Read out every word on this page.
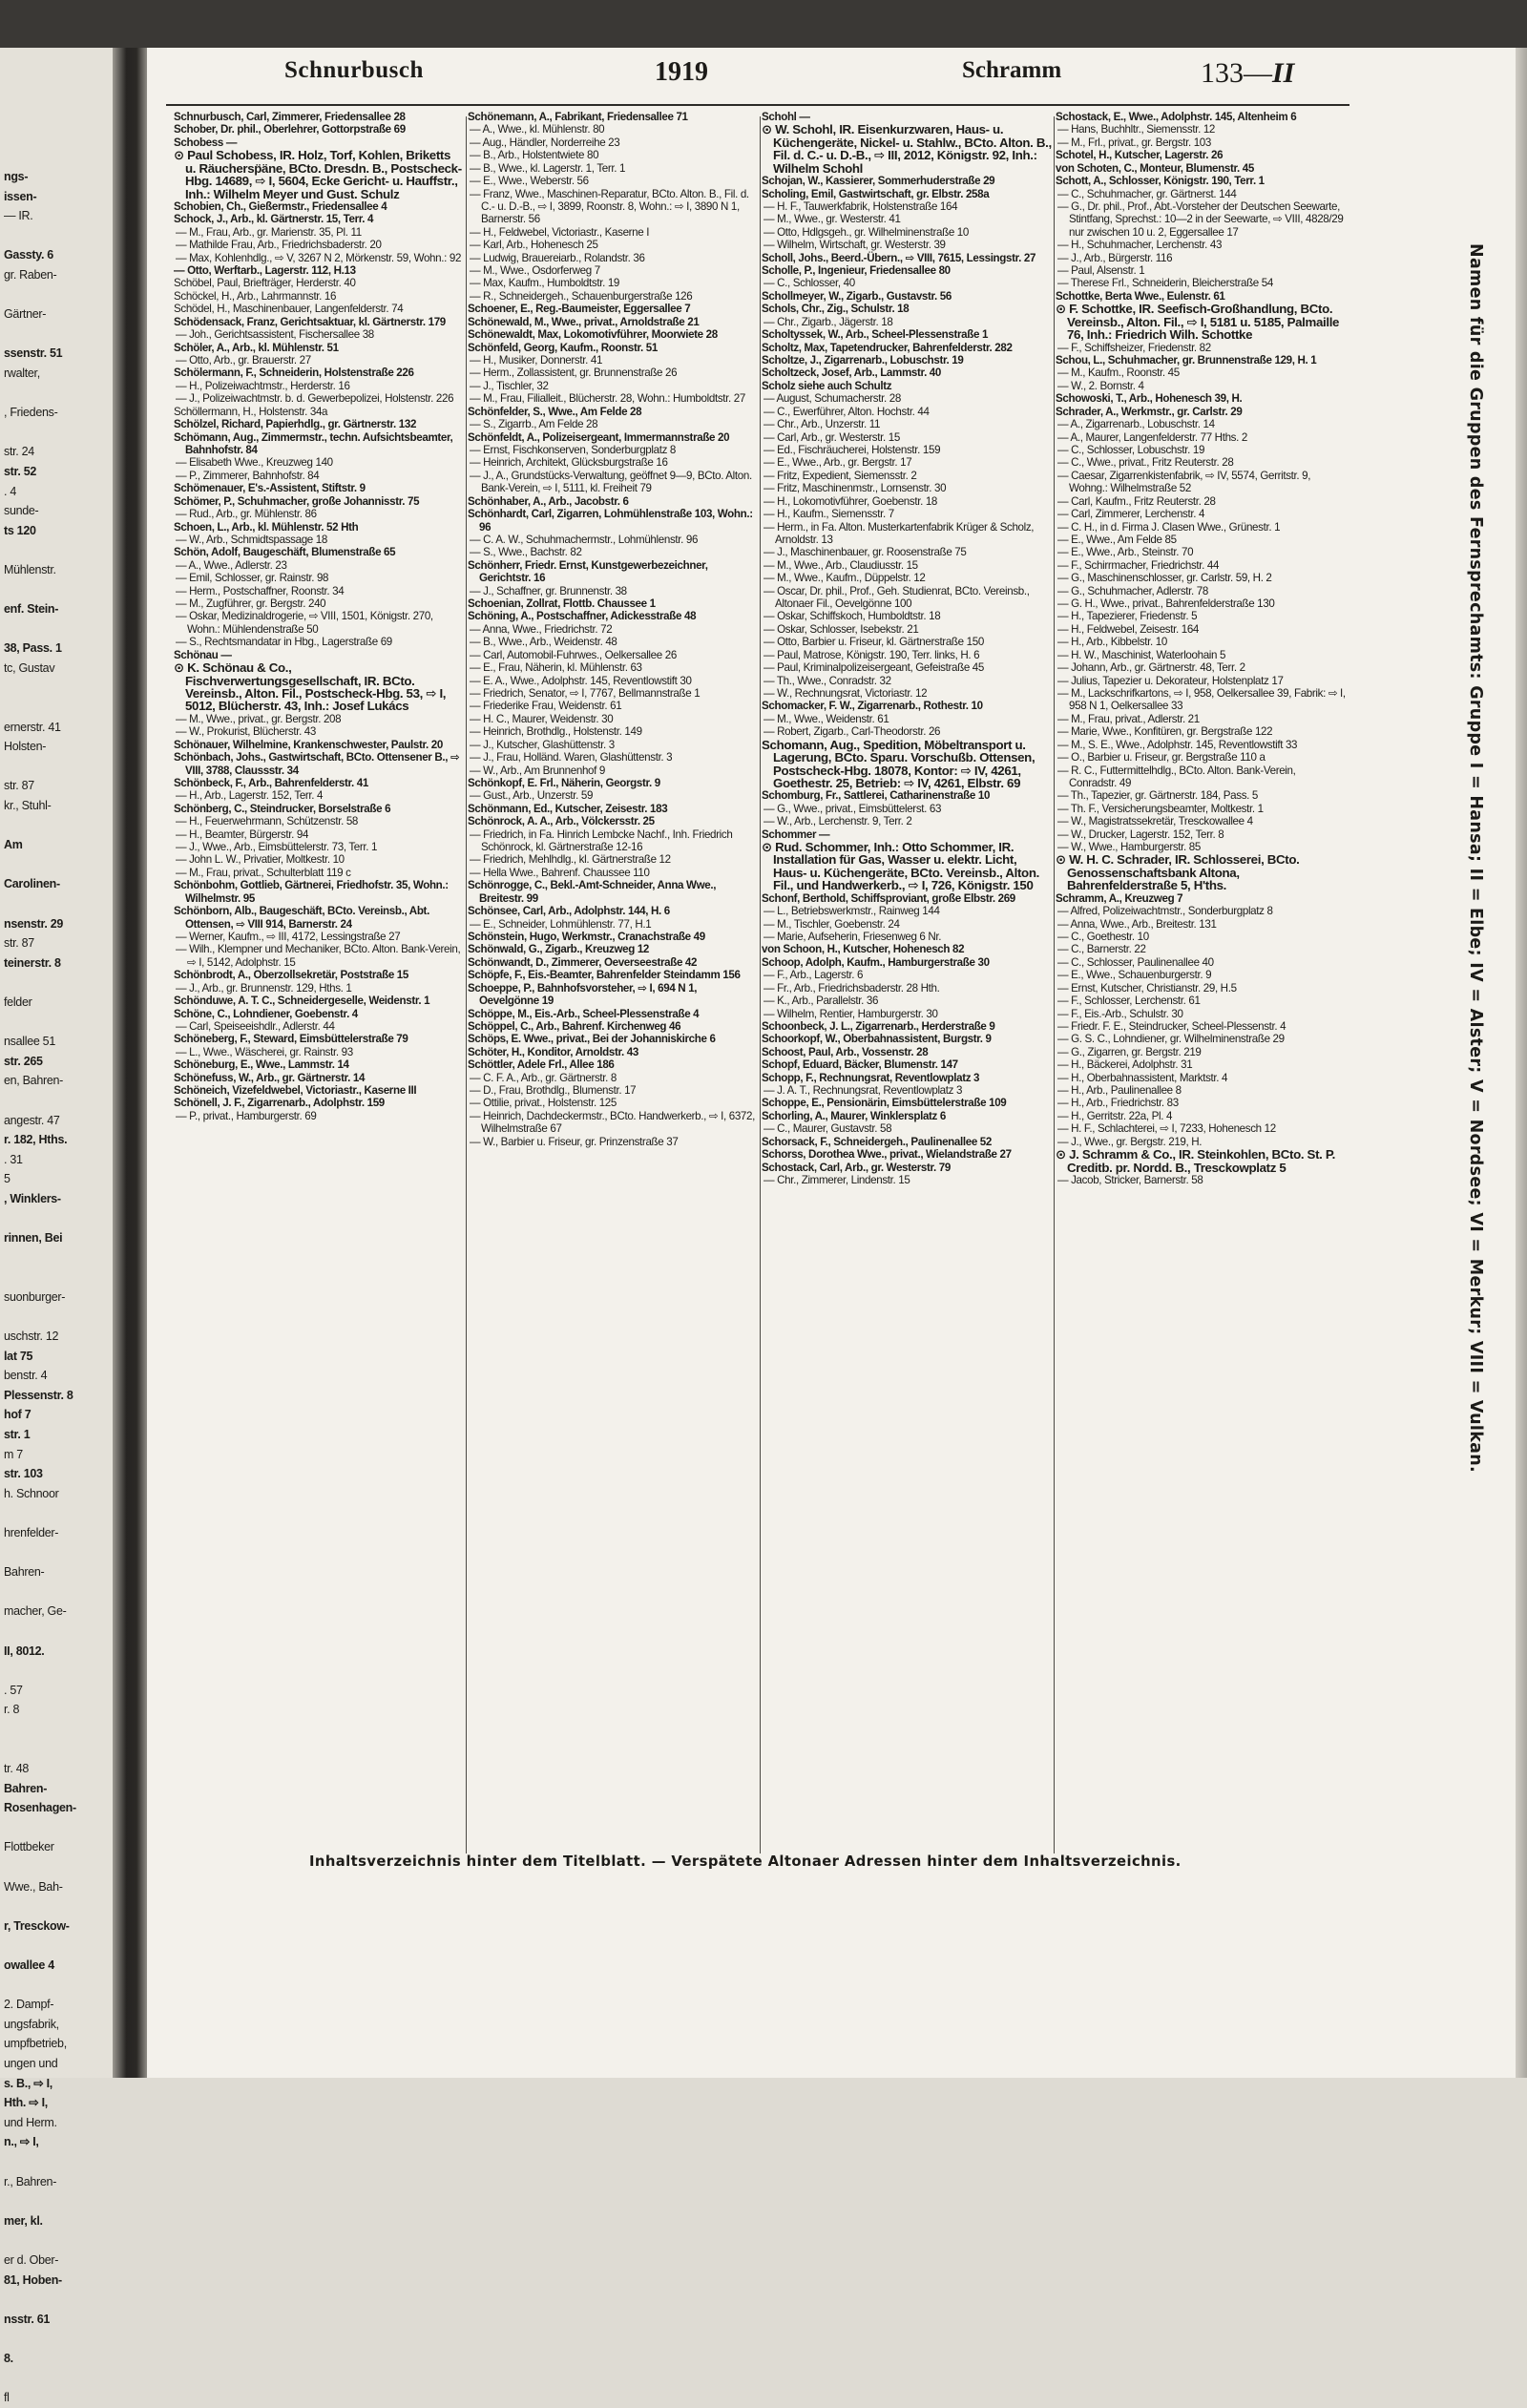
ngs-
issen-
— IR.
Gassty. 6
gr. Raben-
Gärtner-
ssenstr. 51
rwalter,
, Friedens-
str. 24
str. 52
. 4
sunde-
ts 120
Mühlenstr.
enf. Stein-
38, Pass. 1
tc, Gustav
ernerstr. 41
Holsten-
str. 87
kr., Stuhl-
Am
Carolinen-
nsenstr. 29
str. 87
teinerstr. 8
felder
nsallee 51
str. 265
en, Bahren-
angestr. 47
r. 182, Hths.
. 31
5
, Winklers-
rinnen, Bei
suonburger-
uschstr. 12
lat 75
benstr. 4
Plessenstr. 8
hof 7
str. 1
m 7
str. 103
h. Schnoor
hrenfelder-
Bahren-
macher, Ge-
II, 8012.
. 57
r. 8
tr. 48
Bahren-
Rosenhagen-
Flottbeker
Wwe., Bah-
r, Tresckow-
owallee 4
2. Dampf-
ungsfabrik,
umpfbetrieb,
ungen und
s. B., ⇨ I,
Hth. ⇨ I,
und Herm.
n., ⇨ I,
r., Bahren-
mer, kl.
er d. Ober-
81, Hoben-
nsstr. 61
8.
fl
Schnurbusch	1919	Schramm	133—II

Schnurbusch, Carl, Zimmerer, Friedensallee 28

Schober, Dr. phil., Oberlehrer, Gottorpstraße 69

Schobess —

⊙ Paul Schobess, IR. Holz, Torf, Kohlen, Briketts u. Räuchersp̈äne, BCto. Dresdn. B., Postscheck-Hbg. 14689, ⇨ I, 5604, Ecke Gericht- u. Hauffstr., Inh.: Wilhelm Meyer und Gust. Schulz

Schobien, Ch., Gießermstr., Friedensallee 4

Schock, J., Arb., kl. Gärtnerstr. 15, Terr. 4

— M., Frau, Arb., gr. Marienstr. 35, Pl. 11

— Mathilde Frau, Arb., Friedrichsbaderstr. 20

— Max, Kohlenhdlg., ⇨ V, 3267 N 2, Mörkenstr. 59, Wohn.: 92

— Otto, Werftarb., Lagerstr. 112, H.13

Schöbel, Paul, Briefträger, Herderstr. 40

Schöckel, H., Arb., Lahrmannstr. 16

Schödel, H., Maschinenbauer, Langenfelderstr. 74

Schödensack, Franz, Gerichtsaktuar, kl. Gärtnerstr. 179

— Joh., Gerichtsassistent, Fischersallee 38

Schöler, A., Arb., kl. Mühlenstr. 51

— Otto, Arb., gr. Brauerstr. 27

Schölermann, F., Schneiderin, Holstenstraße 226

— H., Polizeiwachtmstr., Herderstr. 16

— J., Polizeiwachtmstr. b. d. Gewerbepolizei, Holstenstr. 226

Schöllermann, H., Holstenstr. 34a

Schölzel, Richard, Papierhdlg., gr. Gärtnerstr. 132

Schömann, Aug., Zimmermstr., techn. Aufsichtsbeamter, Bahnhofstr. 84

— Elisabeth Wwe., Kreuzweg 140

— P., Zimmerer, Bahnhofstr. 84

Schömenauer, E's.-Assistent, Stiftstr. 9

Schömer, P., Schuhmacher, große Johannisstr. 75

— Rud., Arb., gr. Mühlenstr. 86

Schoen, L., Arb., kl. Mühlenstr. 52 Hth

— W., Arb., Schmidtspassage 18

Schön, Adolf, Baugeschäft, Blumenstraße 65

— A., Wwe., Adlerstr. 23

— Emil, Schlosser, gr. Rainstr. 98

— Herm., Postschaffner, Roonstr. 34

— M., Zugführer, gr. Bergstr. 240

— Oskar, Medizinaldrogerie, ⇨ VIII, 1501, Königstr. 270, Wohn.: Mühlendenstraße 50

— S., Rechtsmandatar in Hbg., Lagerstraße 69

Schönau —

⊙ K. Schönau & Co., Fischverwertungsgesellschaft, IR. BCto. Vereinsb., Alton. Fil., Postscheck-Hbg. 53, ⇨ I, 5012, Blücherstr. 43, Inh.: Josef Lukács

— M., Wwe., privat., gr. Bergstr. 208

— W., Prokurist, Blücherstr. 43

Schönauer, Wilhelmine, Krankenschwester, Paulstr. 20

Schönbach, Johs., Gastwirtschaft, BCto. Ottensener B., ⇨ VIII, 3788, Claussstr. 34

Schönbeck, F., Arb., Bahrenfelderstr. 41

— H., Arb., Lagerstr. 152, Terr. 4

Schönberg, C., Steindrucker, Borselstraße 6

— H., Feuerwehrmann, Schützenstr. 58

— H., Beamter, Bürgerstr. 94

— J., Wwe., Arb., Eimsbüttelerstr. 73, Terr. 1

— John L. W., Privatier, Moltkestr. 10

— M., Frau, privat., Schulterblatt 119 c

Schönbohm, Gottlieb, Gärtnerei, Friedhofstr. 35, Wohn.: Wilhelmstr. 95

Schönborn, Alb., Baugeschäft, BCto. Vereinsb., Abt. Ottensen, ⇨ VIII 914, Barnerstr. 24

— Werner, Kaufm., ⇨ III, 4172, Lessingstraße 27

— Wilh., Klempner und Mechaniker, BCto. Alton. Bank-Verein, ⇨ I, 5142, Adolphstr. 15

Schönbrodt, A., Oberzollsekretär, Poststraße 15

— J., Arb., gr. Brunnenstr. 129, Hths. 1

Schönduwe, A. T. C., Schneidergeselle, Weidenstr. 1

Schöne, C., Lohndiener, Goebenstr. 4

— Carl, Speiseeishdlr., Adlerstr. 44

Schöneberg, F., Steward, Eimsbüttelerstraße 79

— L., Wwe., Wäscherei, gr. Rainstr. 93

Schöneburg, E., Wwe., Lammstr. 14

Schönefuss, W., Arb., gr. Gärtnerstr. 14

Schöneich, Vizefeldwebel, Victoriastr., Kaserne III

Schönell, J. F., Zigarrenarb., Adolphstr. 159

— P., privat., Hamburgerstr. 69

Schönemann, A., Fabrikant, Friedensallee 71

— A., Wwe., kl. Mühlenstr. 80

— Aug., Händler, Norderreihe 23

— B., Arb., Holstentwiete 80

— B., Wwe., kl. Lagerstr. 1, Terr. 1

— E., Wwe., Weberstr. 56

— Franz, Wwe., Maschinen-Reparatur, BCto. Alton. B., Fil. d. C.- u. D.-B., ⇨ I, 3899, Roonstr. 8, Wohn.: ⇨ I, 3890 N 1, Barnerstr. 56

— H., Feldwebel, Victoriastr., Kaserne I

— Karl, Arb., Hohenesch 25

— Ludwig, Brauereiarb., Rolandstr. 36

— M., Wwe., Osdorferweg 7

— Max, Kaufm., Humboldtstr. 19

— R., Schneidergeh., Schauenburgerstraße 126

Schoener, E., Reg.-Baumeister, Eggersallee 7

Schönewald, M., Wwe., privat., Arnoldstraße 21

Schönewaldt, Max, Lokomotivführer, Moorwiete 28

Schönfeld, Georg, Kaufm., Roonstr. 51

— H., Musiker, Donnerstr. 41

— Herm., Zollassistent, gr. Brunnenstraße 26

— J., Tischler, 32

— M., Frau, Filialleit., Blücherstr. 28, Wohn.: Humboldtstr. 27

Schönfelder, S., Wwe., Am Felde 28

— S., Zigarrb., Am Felde 28

Schönfeldt, A., Polizeisergeant, Immermannstraße 20

— Ernst, Fischkonserven, Sonderburgplatz 8

— Heinrich, Architekt, Glücksburgstraße 16

— J., A., Grundstücks-Verwaltung, geöffnet 9—9, BCto. Alton. Bank-Verein, ⇨ I, 5111, kl. Freiheit 79

Schönhaber, A., Arb., Jacobstr. 6

Schönhardt, Carl, Zigarren, Lohmühlenstraße 103, Wohn.: 96

— C. A. W., Schuhmachermstr., Lohmühlenstr. 96

— S., Wwe., Bachstr. 82

Schönherr, Friedr. Ernst, Kunstgewerbezeichner, Gerichtstr. 16

— J., Schaffner, gr. Brunnenstr. 38

Schoenian, Zollrat, Flottb. Chaussee 1

Schöning, A., Postschaffner, Adickesstraße 48

— Anna, Wwe., Friedrichstr. 72

— B., Wwe., Arb., Weidenstr. 48

— Carl, Automobil-Fuhrwes., Oelkersallee 26

— E., Frau, Näherin, kl. Mühlenstr. 63

— E. A., Wwe., Adolphstr. 145, Reventlowstift 30

— Friedrich, Senator, ⇨ I, 7767, Bellmannstraße 1

— Friederike Frau, Weidenstr. 61

— H. C., Maurer, Weidenstr. 30

— Heinrich, Brothdlg., Holstenstr. 149

— J., Kutscher, Glashüttenstr. 3

— J., Frau, Holländ. Waren, Glashüttenstr. 3

— W., Arb., Am Brunnenhof 9

Schönkopf, E. Frl., Näherin, Georgstr. 9

— Gust., Arb., Unzerstr. 59

Schönmann, Ed., Kutscher, Zeisestr. 183

Schönrock, A. A., Arb., Völckersstr. 25

— Friedrich, in Fa. Hinrich Lembcke Nachf., Inh. Friedrich Schönrock, kl. Gärtnerstraße 12-16

— Friedrich, Mehlhdlg., kl. Gärtnerstraße 12

— Hella Wwe., Bahrenf. Chaussee 110

Schönrogge, C., Bekl.-Amt-Schneider, Anna Wwe., Breitestr. 99

Schönsee, Carl, Arb., Adolphstr. 144, H. 6

— E., Schneider, Lohmühlenstr. 77, H.1

Schönstein, Hugo, Werkmstr., Cranachstraße 49

Schönwald, G., Zigarb., Kreuzweg 12

Schönwandt, D., Zimmerer, Oeverseestraße 42

Schöpfe, F., Eis.-Beamter, Bahrenfelder Steindamm 156

Schoeppe, P., Bahnhofsvorsteher, ⇨ I, 694 N 1, Oevelgönne 19

Schöppe, M., Eis.-Arb., Scheel-Plessenstraße 4

Schöppel, C., Arb., Bahrenf. Kirchenweg 46

Schöps, E. Wwe., privat., Bei der Johanniskirche 6

Schöter, H., Konditor, Arnoldstr. 43

Schöttler, Adele Frl., Allee 186

— C. F. A., Arb., gr. Gärtnerstr. 8

— D., Frau, Brothdlg., Blumenstr. 17

— Ottilie, privat., Holstenstr. 125

— Heinrich, Dachdeckermstr., BCto. Handwerkerb., ⇨ I, 6372, Wilhelmstraße 67

— W., Barbier u. Friseur, gr. Prinzenstraße 37

Schohl —

⊙ W. Schohl, IR. Eisenkurzwaren, Haus- u. Küchengeräte, Nickel- u. Stahlw., BCto. Alton. B., Fil. d. C.- u. D.-B., ⇨ III, 2012, Königstr. 92, Inh.: Wilhelm Schohl

Schojan, W., Kassierer, Sommerhuderstraße 29

Scholing, Emil, Gastwirtschaft, gr. Elbstr. 258a

— H. F., Tauwerkfabrik, Holstenstraße 164

— M., Wwe., gr. Westerstr. 41

— Otto, Hdlgsgeh., gr. Wilhelminenstraße 10

— Wilhelm, Wirtschaft, gr. Westerstr. 39

Scholl, Johs., Beerd.-Übern., ⇨ VIII, 7615, Lessingstr. 27

Scholle, P., Ingenieur, Friedensallee 80

— C., Schlosser, 40

Schollmeyer, W., Zigarb., Gustavstr. 56

Schols, Chr., Zig., Schulstr. 18

— Chr., Zigarb., Jägerstr. 18

Scholtyssek, W., Arb., Scheel-Plessenstraße 1

Scholtz, Max, Tapetendrucker, Bahrenfelderstr. 282

Scholtze, J., Zigarrenarb., Lobuschstr. 19

Scholtzeck, Josef, Arb., Lammstr. 40

Scholz siehe auch Schultz

— August, Schumacherstr. 28

— C., Ewerführer, Alton. Hochstr. 44

— Chr., Arb., Unzerstr. 11

— Carl, Arb., gr. Westerstr. 15

— Ed., Fischräucherei, Holstenstr. 159

— E., Wwe., Arb., gr. Bergstr. 17

— Fritz, Expedient, Siemensstr. 2

— Fritz, Maschinenmstr., Lornsenstr. 30

— H., Lokomotivführer, Goebenstr. 18

— H., Kaufm., Siemensstr. 7

— Herm., in Fa. Alton. Musterkartenfabrik Krüger & Scholz, Arnoldstr. 13

— J., Maschinenbauer, gr. Roosenstraße 75

— M., Wwe., Arb., Claudiusstr. 15

— M., Wwe., Kaufm., Düppelstr. 12

— Oscar, Dr. phil., Prof., Geh. Studienrat, BCto. Vereinsb., Altonaer Fil., Oevelgönne 100

— Oskar, Schiffskoch, Humboldtstr. 18

— Oskar, Schlosser, Isebekstr. 21

— Otto, Barbier u. Friseur, kl. Gärtnerstraße 150

— Paul, Matrose, Königstr. 190, Terr. links, H. 6

— Paul, Kriminalpolizeisergeant, Gefeistraße 45

— Th., Wwe., Conradstr. 32

— W., Rechnungsrat, Victoriastr. 12

Schomacker, F. W., Zigarrenarb., Rothestr. 10

— M., Wwe., Weidenstr. 61

— Robert, Zigarb., Carl-Theodorstr. 26

Schomann, Aug., Spedition, Möbeltransport u. Lagerung, BCto. Sparu. Vorschußb. Ottensen, Postscheck-Hbg. 18078, Kontor: ⇨ IV, 4261, Goethestr. 25, Betrieb: ⇨ IV, 4261, Elbstr. 69

Schomburg, Fr., Sattlerei, Catharinenstraße 10

— G., Wwe., privat., Eimsbüttelerst. 63

— W., Arb., Lerchenstr. 9, Terr. 2

Schommer —

⊙ Rud. Schommer, Inh.: Otto Schommer, IR. Installation für Gas, Wasser u. elektr. Licht, Haus- u. Küchengeräte, BCto. Vereinsb., Alton. Fil., und Handwerkerb., ⇨ I, 726, Königstr. 150

Schonf, Berthold, Schiffsproviant, große Elbstr. 269

— L., Betriebswerkmstr., Rainweg 144

— M., Tischler, Goebenstr. 24

— Marie, Aufseherin, Friesenweg 6 Nr.

von Schoon, H., Kutscher, Hohenesch 82

Schoop, Adolph, Kaufm., Hamburgerstraße 30

— F., Arb., Lagerstr. 6

— Fr., Arb., Friedrichsbaderstr. 28 Hth.

— K., Arb., Parallelstr. 36

— Wilhelm, Rentier, Hamburgerstr. 30

Schoonbeck, J. L., Zigarrenarb., Herderstraße 9

Schoorkopf, W., Oberbahnassistent, Burgstr. 9

Schoost, Paul, Arb., Vossenstr. 28

Schopf, Eduard, Bäcker, Blumenstr. 147

Schopp, F., Rechnungsrat, Reventlowplatz 3

— J. A. T., Rechnungsrat, Reventlowplatz 3

Schoppe, E., Pensionärin, Eimsbüttelerstraße 109

Schorling, A., Maurer, Winklersplatz 6

— C., Maurer, Gustavstr. 58

Schorsack, F., Schneidergeh., Paulinenallee 52

Schorss, Dorothea Wwe., privat., Wielandstraße 27

Schostack, Carl, Arb., gr. Westerstr. 79

— Chr., Zimmerer, Lindenstr. 15

Schostack, E., Wwe., Adolphstr. 145, Altenheim 6

— Hans, Buchhltr., Siemensstr. 12

— M., Frl., privat., gr. Bergstr. 103

Schotel, H., Kutscher, Lagerstr. 26

von Schoten, C., Monteur, Blumenstr. 45

Schott, A., Schlosser, Königstr. 190, Terr. 1

— C., Schuhmacher, gr. Gärtnerst. 144

— G., Dr. phil., Prof., Abt.-Vorsteher der Deutschen Seewarte, Stintfang, Sprechst.: 10—2 in der Seewarte, ⇨ VIII, 4828/29 nur zwischen 10 u. 2, Eggersallee 17

— H., Schuhmacher, Lerchenstr. 43

— J., Arb., Bürgerstr. 116

— Paul, Alsenstr. 1

— Therese Frl., Schneiderin, Bleicherstraße 54

Schottke, Berta Wwe., Eulenstr. 61

⊙ F. Schottke, IR. Seefisch-Großhandlung, BCto. Vereinsb., Alton. Fil., ⇨ I, 5181 u. 5185, Palmaille 76, Inh.: Friedrich Wilh. Schottke

— F., Schiffsheizer, Friedenstr. 82

Schou, L., Schuhmacher, gr. Brunnenstraße 129, H. 1

— M., Kaufm., Roonstr. 45

— W., 2. Bornstr. 4

Schowoski, T., Arb., Hohenesch 39, H.

Schrader, A., Werkmstr., gr. Carlstr. 29

— A., Zigarrenarb., Lobuschstr. 14

— A., Maurer, Langenfelderstr. 77 Hths. 2

— C., Schlosser, Lobuschstr. 19

— C., Wwe., privat., Fritz Reuterstr. 28

— Caesar, Zigarrenkistenfabrik, ⇨ IV, 5574, Gerritstr. 9, Wohng.: Wilhelmstraße 52

— Carl, Kaufm., Fritz Reuterstr. 28

— Carl, Zimmerer, Lerchenstr. 4

— C. H., in d. Firma J. Clasen Wwe., Grünestr. 1

— E., Wwe., Am Felde 85

— E., Wwe., Arb., Steinstr. 70

— F., Schirrmacher, Friedrichstr. 44

— G., Maschinenschlosser, gr. Carlstr. 59, H. 2

— G., Schuhmacher, Adlerstr. 78

— G. H., Wwe., privat., Bahrenfelderstraße 130

— H., Tapezierer, Friedenstr. 5

— H., Feldwebel, Zeisestr. 164

— H., Arb., Kibbelstr. 10

— H. W., Maschinist, Waterloohain 5

— Johann, Arb., gr. Gärtnerstr. 48, Terr. 2

— Julius, Tapezier u. Dekorateur, Holstenplatz 17

— M., Lackschrifkartons, ⇨ I, 958, Oelkersallee 39, Fabrik: ⇨ I, 958 N 1, Oelkersallee 33

— M., Frau, privat., Adlerstr. 21

— Marie, Wwe., Konfitüren, gr. Bergstraße 122

— M., S. E., Wwe., Adolphstr. 145, Reventlowstift 33

— O., Barbier u. Friseur, gr. Bergstraße 110 a

— R. C., Futtermittelhdlg., BCto. Alton. Bank-Verein, Conradstr. 49

— Th., Tapezier, gr. Gärtnerstr. 184, Pass. 5

— Th. F., Versicherungsbeamter, Moltkestr. 1

— W., Magistratssekretär, Tresckowallee 4

— W., Drucker, Lagerstr. 152, Terr. 8

— W., Wwe., Hamburgerstr. 85

⊙ W. H. C. Schrader, IR. Schlosserei, BCto. Genossenschaftsbank Altona, Bahrenfelderstraße 5, H'ths.

Schramm, A., Kreuzweg 7

— Alfred, Polizeiwachtmstr., Sonderburgplatz 8

— Anna, Wwe., Arb., Breitestr. 131

— C., Goethestr. 10

— C., Barnerstr. 22

— C., Schlosser, Paulinenallee 40

— E., Wwe., Schauenburgerstr. 9

— Ernst, Kutscher, Christianstr. 29, H.5

— F., Schlosser, Lerchenstr. 61

— F., Eis.-Arb., Schulstr. 30

— Friedr. F. E., Steindrucker, Scheel-Plessenstr. 4

— G. S. C., Lohndiener, gr. Wilhelminenstraße 29

— G., Zigarren, gr. Bergstr. 219

— H., Bäckerei, Adolphstr. 31

— H., Oberbahnassistent, Marktstr. 4

— H., Arb., Paulinenallee 8

— H., Arb., Friedrichstr. 83

— H., Gerritstr. 22a, Pl. 4

— H. F., Schlachterei, ⇨ I, 7233, Hohenesch 12

— J., Wwe., gr. Bergstr. 219, H.

⊙ J. Schramm & Co., IR. Steinkohlen, BCto. St. P. Creditb. pr. Nordd. B., Tresckowplatz 5

— Jacob, Stricker, Barnerstr. 58

Inhaltsverzeichnis hinter dem Titelblatt. — Verspätete Altonaer Adressen hinter dem Inhaltsverzeichnis.
Namen für die Gruppen des Fernsprechamts: Gruppe I = Hansa; II = Elbe; IV = Alster; V = Nordsee; VI = Merkur; VIII = Vulkan.
